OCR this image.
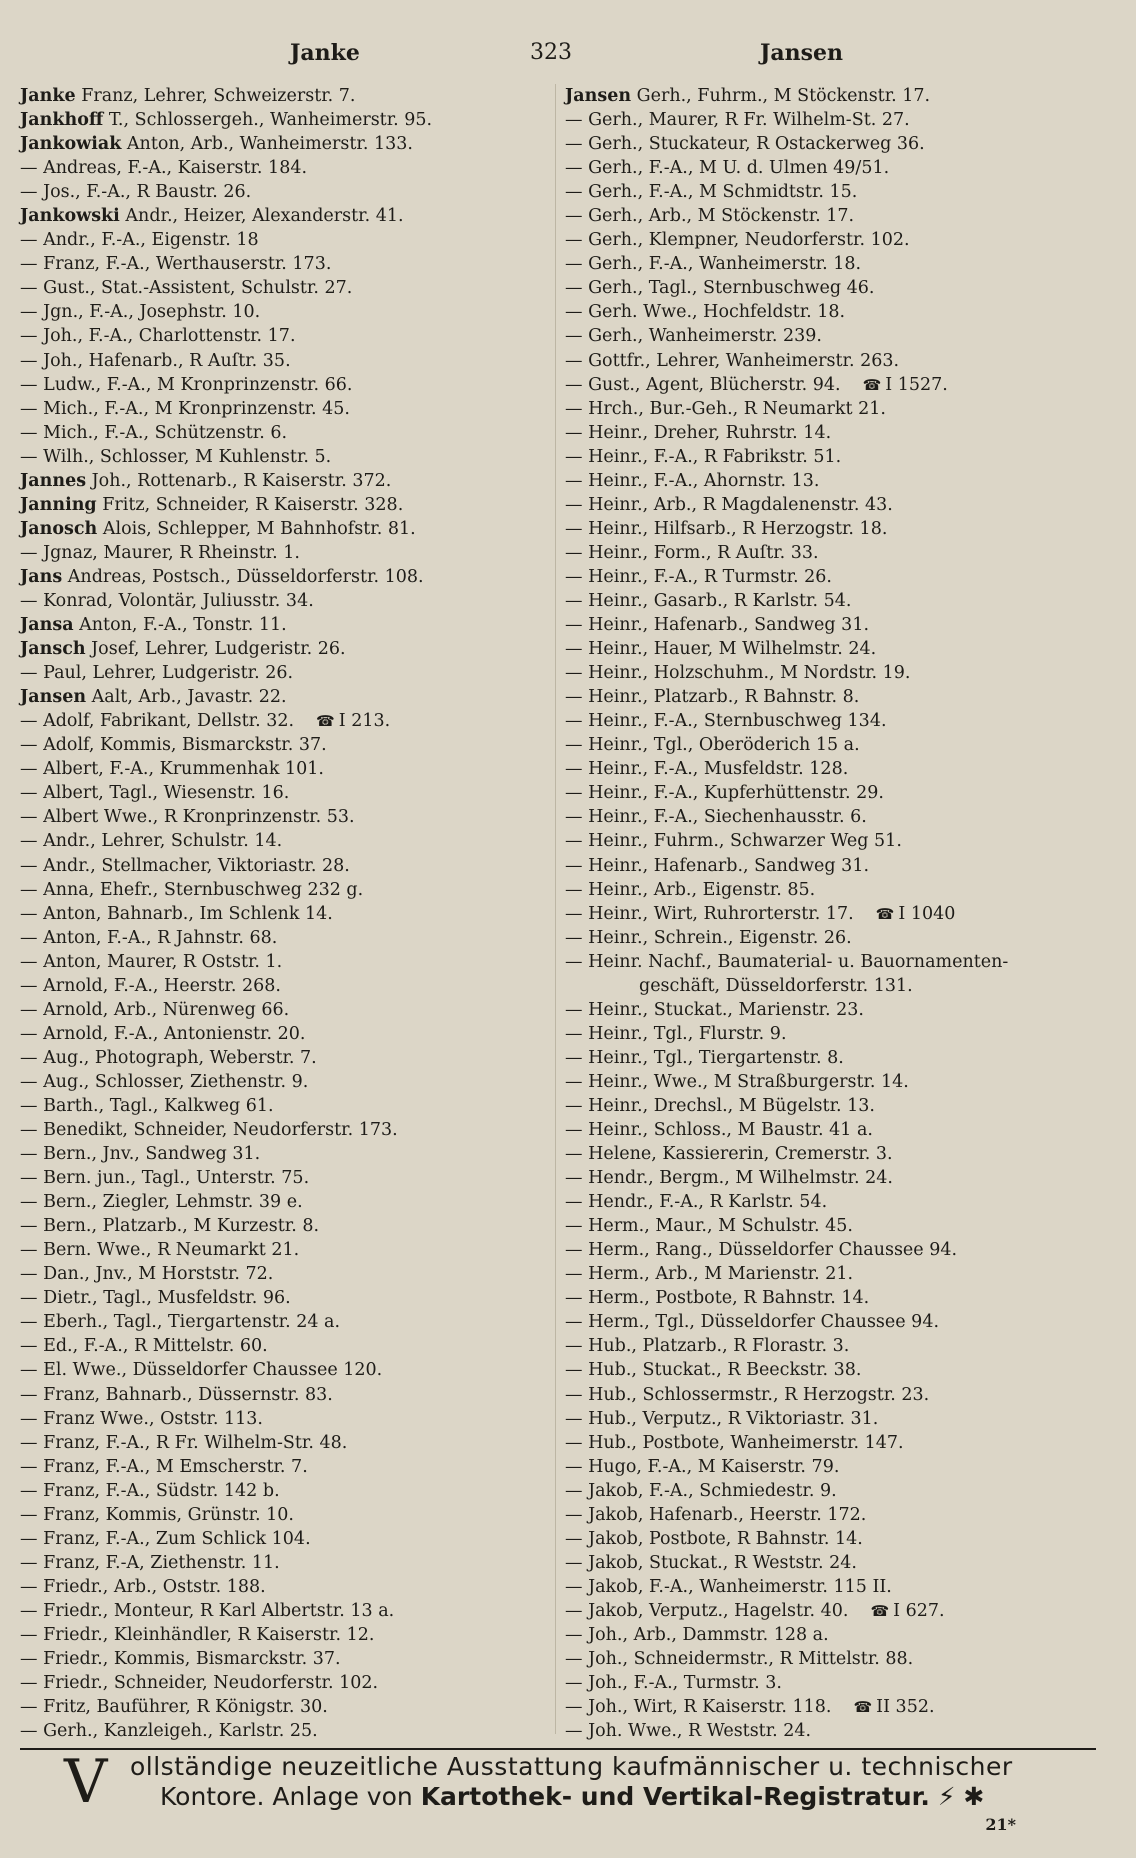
Janke	323	Jansen
Janke Franz, Lehrer, Schweizerstr. 7.
Jankhoff T., Schlossergeh., Wanheimerstr. 95.
Jankowiak Anton, Arb., Wanheimerstr. 133.
— Andreas, F.-A., Kaiserstr. 184.
— Jos., F.-A., R Baustr. 26.
Jankowski Andr., Heizer, Alexanderstr. 41.
— Andr., F.-A., Eigenstr. 18
— Franz, F.-A., Werthauserstr. 173.
— Gust., Stat.-Assistent, Schulstr. 27.
— Jgn., F.-A., Josephstr. 10.
— Joh., F.-A., Charlottenstr. 17.
— Joh., Hafenarb., R Auſtr. 35.
— Ludw., F.-A., M Kronprinzenstr. 66.
— Mich., F.-A., M Kronprinzenstr. 45.
— Mich., F.-A., Schützenstr. 6.
— Wilh., Schlosser, M Kuhlenstr. 5.
Jannes Joh., Rottenarb., R Kaiserstr. 372.
Janning Fritz, Schneider, R Kaiserstr. 328.
Janosch Alois, Schlepper, M Bahnhofstr. 81.
— Jgnaz, Maurer, R Rheinstr. 1.
Jans Andreas, Postsch., Düsseldorferstr. 108.
— Konrad, Volontär, Juliusstr. 34.
Jansa Anton, F.-A., Tonstr. 11.
Jansch Josef, Lehrer, Ludgeristr. 26.
— Paul, Lehrer, Ludgeristr. 26.
Jansen Aalt, Arb., Javastr. 22.
— Adolf, Fabrikant, Dellstr. 32. ☎ I 213.
— Adolf, Kommis, Bismarckstr. 37.
— Albert, F.-A., Krummenhak 101.
— Albert, Tagl., Wiesenstr. 16.
— Albert Wwe., R Kronprinzenstr. 53.
— Andr., Lehrer, Schulstr. 14.
— Andr., Stellmacher, Viktoriastr. 28.
— Anna, Ehefr., Sternbuschweg 232 g.
— Anton, Bahnarb., Im Schlenk 14.
— Anton, F.-A., R Jahnstr. 68.
— Anton, Maurer, R Oststr. 1.
— Arnold, F.-A., Heerstr. 268.
— Arnold, Arb., Nürenweg 66.
— Arnold, F.-A., Antonienstr. 20.
— Aug., Photograph, Weberstr. 7.
— Aug., Schlosser, Ziethenstr. 9.
— Barth., Tagl., Kalkweg 61.
— Benedikt, Schneider, Neudorferstr. 173.
— Bern., Jnv., Sandweg 31.
— Bern. jun., Tagl., Unterstr. 75.
— Bern., Ziegler, Lehmstr. 39 e.
— Bern., Platzarb., M Kurzestr. 8.
— Bern. Wwe., R Neumarkt 21.
— Dan., Jnv., M Horststr. 72.
— Dietr., Tagl., Musfeldstr. 96.
— Eberh., Tagl., Tiergartenstr. 24 a.
— Ed., F.-A., R Mittelstr. 60.
— El. Wwe., Düsseldorfer Chaussee 120.
— Franz, Bahnarb., Düssernstr. 83.
— Franz Wwe., Oststr. 113.
— Franz, F.-A., R Fr. Wilhelm-Str. 48.
— Franz, F.-A., M Emscherstr. 7.
— Franz, F.-A., Südstr. 142 b.
— Franz, Kommis, Grünstr. 10.
— Franz, F.-A., Zum Schlick 104.
— Franz, F.-A, Ziethenstr. 11.
— Friedr., Arb., Oststr. 188.
— Friedr., Monteur, R Karl Albertstr. 13 a.
— Friedr., Kleinhändler, R Kaiserstr. 12.
— Friedr., Kommis, Bismarckstr. 37.
— Friedr., Schneider, Neudorferstr. 102.
— Fritz, Bauführer, R Königstr. 30.
— Gerh., Kanzleigeh., Karlstr. 25.
Jansen Gerh., Fuhrm., M Stöckenstr. 17.
— Gerh., Maurer, R Fr. Wilhelm-St. 27.
— Gerh., Stuckateur, R Ostackerweg 36.
— Gerh., F.-A., M U. d. Ulmen 49/51.
— Gerh., F.-A., M Schmidtstr. 15.
— Gerh., Arb., M Stöckenstr. 17.
— Gerh., Klempner, Neudorferstr. 102.
— Gerh., F.-A., Wanheimerstr. 18.
— Gerh., Tagl., Sternbuschweg 46.
— Gerh. Wwe., Hochfeldstr. 18.
— Gerh., Wanheimerstr. 239.
— Gottfr., Lehrer, Wanheimerstr. 263.
— Gust., Agent, Blücherstr. 94. ☎ I 1527.
— Hrch., Bur.-Geh., R Neumarkt 21.
— Heinr., Dreher, Ruhrstr. 14.
— Heinr., F.-A., R Fabrikstr. 51.
— Heinr., F.-A., Ahornstr. 13.
— Heinr., Arb., R Magdalenenstr. 43.
— Heinr., Hilfsarb., R Herzogstr. 18.
— Heinr., Form., R Auſtr. 33.
— Heinr., F.-A., R Turmstr. 26.
— Heinr., Gasarb., R Karlstr. 54.
— Heinr., Hafenarb., Sandweg 31.
— Heinr., Hauer, M Wilhelmstr. 24.
— Heinr., Holzschuhm., M Nordstr. 19.
— Heinr., Platzarb., R Bahnstr. 8.
— Heinr., F.-A., Sternbuschweg 134.
— Heinr., Tgl., Oberöderich 15 a.
— Heinr., F.-A., Musfeldstr. 128.
— Heinr., F.-A., Kupferhüttenstr. 29.
— Heinr., F.-A., Siechenhausstr. 6.
— Heinr., Fuhrm., Schwarzer Weg 51.
— Heinr., Hafenarb., Sandweg 31.
— Heinr., Arb., Eigenstr. 85.
— Heinr., Wirt, Ruhrorterstr. 17. ☎ I 1040
— Heinr., Schrein., Eigenstr. 26.
— Heinr. Nachf., Baumaterial- u. Bauornamenten-
geschäft, Düsseldorferstr. 131.
— Heinr., Stuckat., Marienstr. 23.
— Heinr., Tgl., Flurstr. 9.
— Heinr., Tgl., Tiergartenstr. 8.
— Heinr., Wwe., M Straßburgerstr. 14.
— Heinr., Drechsl., M Bügelstr. 13.
— Heinr., Schloss., M Baustr. 41 a.
— Helene, Kassiererin, Cremerstr. 3.
— Hendr., Bergm., M Wilhelmstr. 24.
— Hendr., F.-A., R Karlstr. 54.
— Herm., Maur., M Schulstr. 45.
— Herm., Rang., Düsseldorfer Chaussee 94.
— Herm., Arb., M Marienstr. 21.
— Herm., Postbote, R Bahnstr. 14.
— Herm., Tgl., Düsseldorfer Chaussee 94.
— Hub., Platzarb., R Florastr. 3.
— Hub., Stuckat., R Beeckstr. 38.
— Hub., Schlossermstr., R Herzogstr. 23.
— Hub., Verputz., R Viktoriastr. 31.
— Hub., Postbote, Wanheimerstr. 147.
— Hugo, F.-A., M Kaiserstr. 79.
— Jakob, F.-A., Schmiedestr. 9.
— Jakob, Hafenarb., Heerstr. 172.
— Jakob, Postbote, R Bahnstr. 14.
— Jakob, Stuckat., R Weststr. 24.
— Jakob, F.-A., Wanheimerstr. 115 II.
— Jakob, Verputz., Hagelstr. 40. ☎ I 627.
— Joh., Arb., Dammstr. 128 a.
— Joh., Schneidermstr., R Mittelstr. 88.
— Joh., F.-A., Turmstr. 3.
— Joh., Wirt, R Kaiserstr. 118. ☎ II 352.
— Joh. Wwe., R Weststr. 24.
V ollständige neuzeitliche Ausstattung kaufmännischer u. technischer
Kontore. Anlage von Kartothek- und Vertikal-Registratur. ⚡ ✱
21*
